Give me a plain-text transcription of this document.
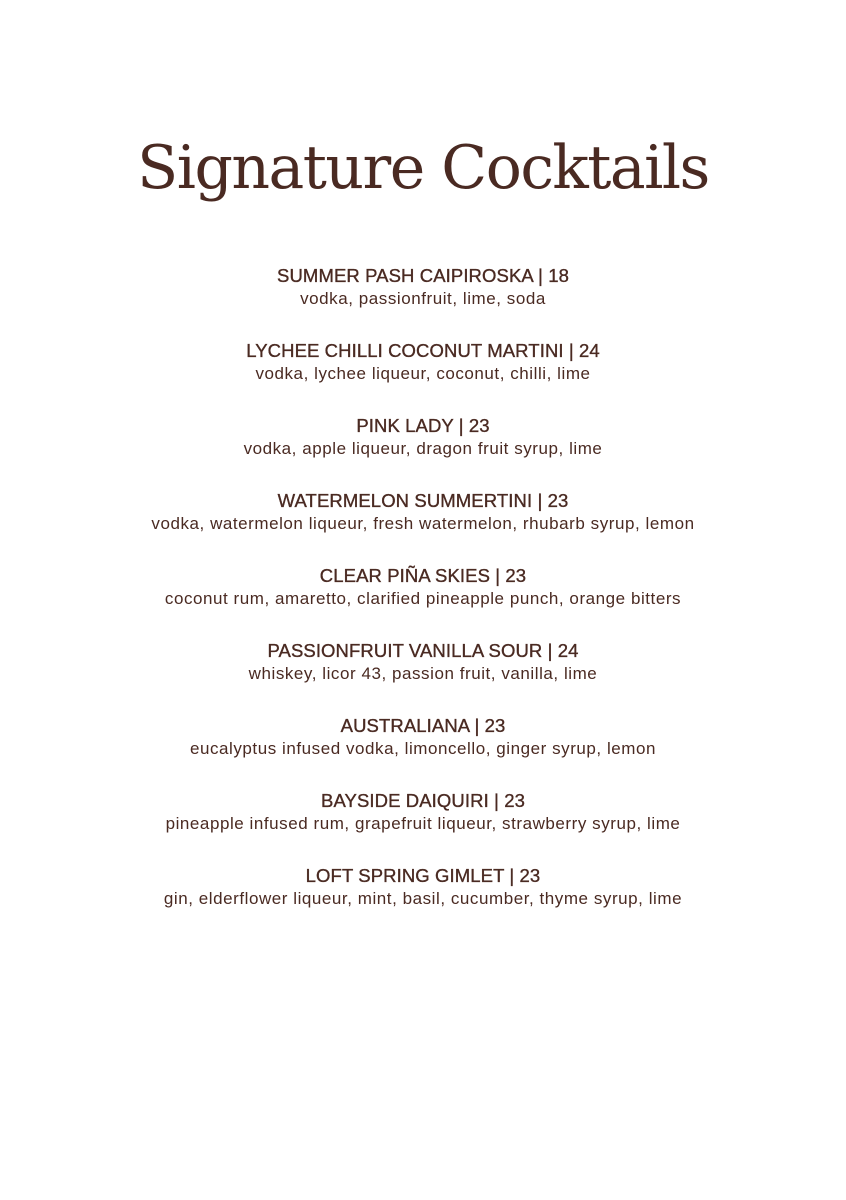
Signature Cocktails
SUMMER PASH CAIPIROSKA | 18
vodka, passionfruit, lime, soda
LYCHEE CHILLI COCONUT MARTINI | 24
vodka, lychee liqueur, coconut, chilli, lime
PINK LADY | 23
vodka, apple liqueur, dragon fruit syrup, lime
WATERMELON SUMMERTINI | 23
vodka, watermelon liqueur, fresh watermelon, rhubarb syrup, lemon
CLEAR PIÑA SKIES | 23
coconut rum, amaretto, clarified pineapple punch, orange bitters
PASSIONFRUIT VANILLA SOUR | 24
whiskey, licor 43, passion fruit, vanilla, lime
AUSTRALIANA | 23
eucalyptus infused vodka, limoncello, ginger syrup, lemon
BAYSIDE DAIQUIRI | 23
pineapple infused rum, grapefruit liqueur, strawberry syrup, lime
LOFT SPRING GIMLET | 23
gin, elderflower liqueur, mint, basil, cucumber, thyme syrup, lime
